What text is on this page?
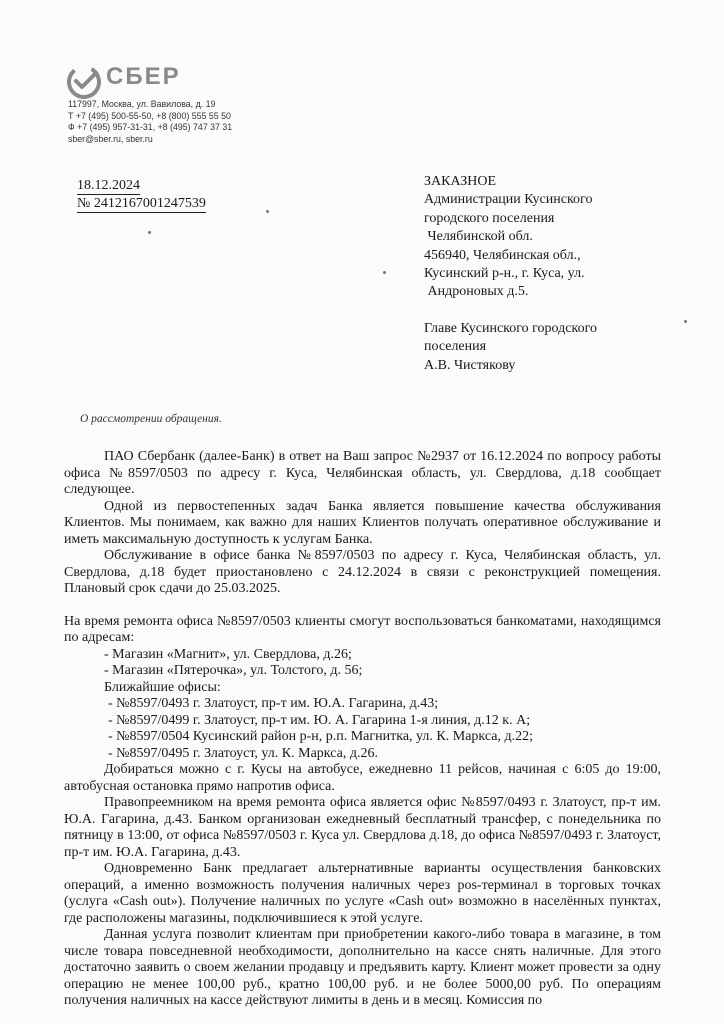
СБЕР
117997, Москва, ул. Вавилова, д. 19
Т +7 (495) 500-55-50, +8 (800) 555 55 50
Ф +7 (495) 957-31-31, +8 (495) 747 37 31
sber@sber.ru, sber.ru
18.12.2024
№ 2412167001247539
ЗАКАЗНОЕ
Администрации Кусинского
городского поселения
Челябинской обл.
456940, Челябинская обл.,
Кусинский р-н., г. Куса, ул.
Андроновых д.5.
Главе Кусинского городского
поселения
А.В. Чистякову
О рассмотрении обращения.

ПАО Сбербанк (далее-Банк) в ответ на Ваш запрос №2937 от 16.12.2024 по вопросу работы офиса №8597/0503 по адресу г. Куса, Челябинская область, ул. Свердлова, д.18 сообщает следующее.

Одной из первостепенных задач Банка является повышение качества обслуживания Клиентов. Мы понимаем, как важно для наших Клиентов получать оперативное обслуживание и иметь максимальную доступность к услугам Банка.

Обслуживание в офисе банка №8597/0503 по адресу г. Куса, Челябинская область, ул. Свердлова, д.18 будет приостановлено с 24.12.2024 в связи с реконструкцией помещения. Плановый срок сдачи до 25.03.2025.

На время ремонта офиса №8597/0503 клиенты смогут воспользоваться банкоматами, находящимся по адресам:

- Магазин «Магнит», ул. Свердлова, д.26;

- Магазин «Пятерочка», ул. Толстого, д. 56;

Ближайшие офисы:

- №8597/0493 г. Златоуст, пр-т им. Ю.А. Гагарина, д.43;

- №8597/0499 г. Златоуст, пр-т им. Ю. А. Гагарина 1-я линия, д.12 к. А;

- №8597/0504 Кусинский район р-н, р.п. Магнитка, ул. К. Маркса, д.22;

- №8597/0495 г. Златоуст, ул. К. Маркса, д.26.

Добираться можно с г. Кусы на автобусе, ежедневно 11 рейсов, начиная с 6:05 до 19:00, автобусная остановка прямо напротив офиса.

Правопреемником на время ремонта офиса является офис №8597/0493 г. Златоуст, пр-т им. Ю.А. Гагарина, д.43. Банком организован ежедневный бесплатный трансфер, с понедельника по пятницу в 13:00, от офиса №8597/0503 г. Куса ул. Свердлова д.18, до офиса №8597/0493 г. Златоуст, пр-т им. Ю.А. Гагарина, д.43.

Одновременно Банк предлагает альтернативные варианты осуществления банковских операций, а именно возможность получения наличных через pos-терминал в торговых точках (услуга «Cash out»). Получение наличных по услуге «Cash out» возможно в населённых пунктах, где расположены магазины, подключившиеся к этой услуге.

Данная услуга позволит клиентам при приобретении какого-либо товара в магазине, в том числе товара повседневной необходимости, дополнительно на кассе снять наличные. Для этого достаточно заявить о своем желании продавцу и предъявить карту. Клиент может провести за одну операцию не менее 100,00 руб., кратно 100,00 руб. и не более 5000,00 руб. По операциям получения наличных на кассе действуют лимиты в день и в месяц. Комиссия по
